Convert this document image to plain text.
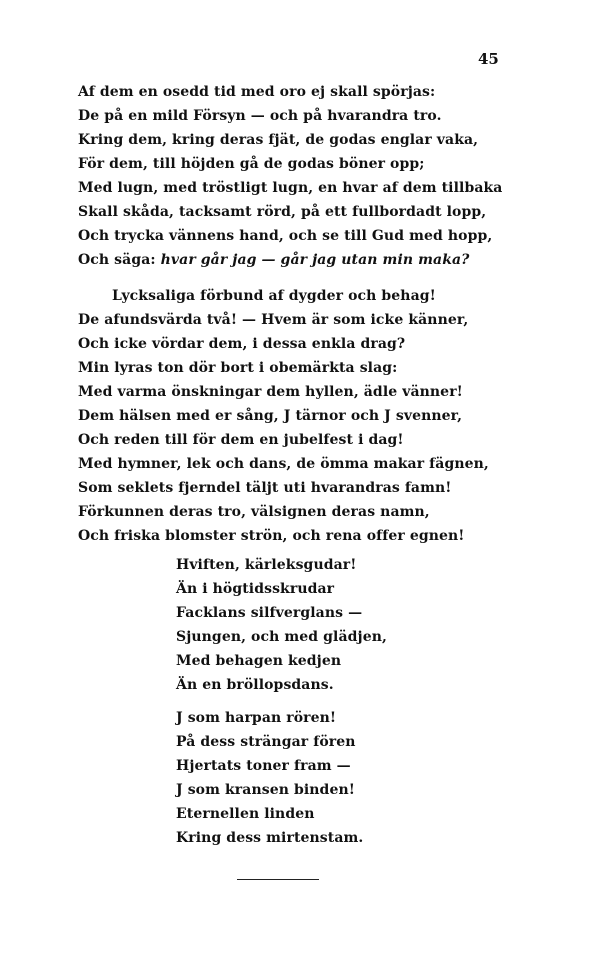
45
Af dem en osedd tid med oro ej skall spörjas:
De på en mild Försyn — och på hvarandra tro.
Kring dem, kring deras fjät, de godas englar vaka,
För dem, till höjden gå de godas böner opp;
Med lugn, med tröstligt lugn, en hvar af dem tillbaka
Skall skåda, tacksamt rörd, på ett fullbordadt lopp,
Och trycka vännens hand, och se till Gud med hopp,
Och säga: hvar går jag — går jag utan min maka?
Lycksaliga förbund af dygder och behag!
De afundsvärda två! — Hvem är som icke känner,
Och icke vördar dem, i dessa enkla drag?
Min lyras ton dör bort i obemärkta slag:
Med varma önskningar dem hyllen, ädle vänner!
Dem hälsen med er sång, J tärnor och J svenner,
Och reden till för dem en jubelfest i dag!
Med hymner, lek och dans, de ömma makar fägnen,
Som seklets fjerndel täljt uti hvarandras famn!
Förkunnen deras tro, välsignen deras namn,
Och friska blomster strön, och rena offer egnen!
Hviften, kärleksgudar!
Än i högtidsskrudar
Facklans silfverglans —
Sjungen, och med glädjen,
Med behagen kedjen
Än en bröllopsdans.
J som harpan rören!
På dess strängar fören
Hjertats toner fram —
J som kransen binden!
Eternellen linden
Kring dess mirtenstam.
